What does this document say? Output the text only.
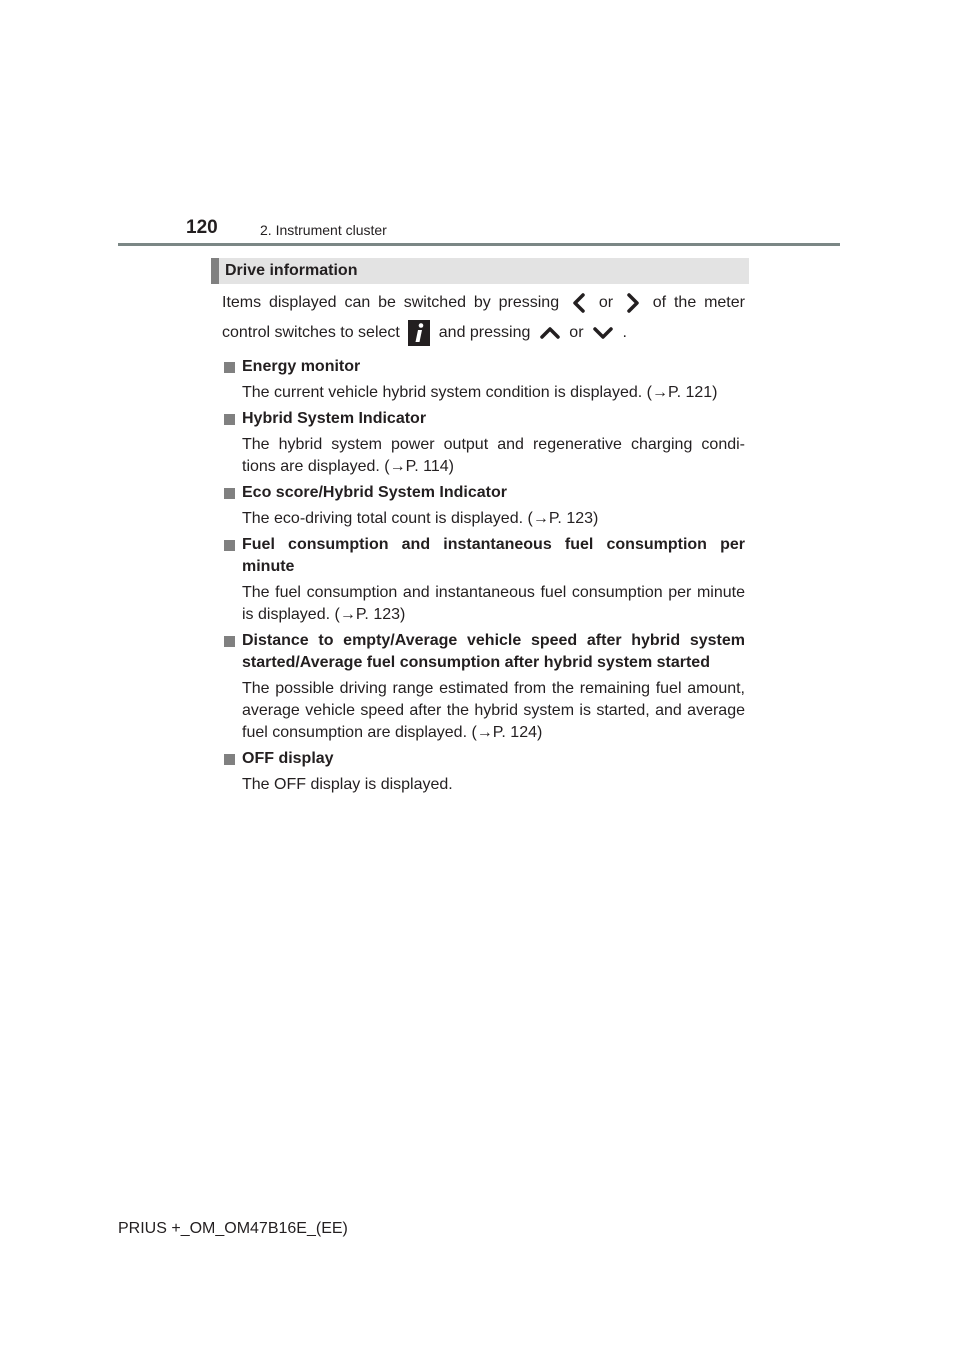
120	2. Instrument cluster
Drive information

Items displayed can be switched by pressing or of the meter

control switches to select and pressing or .

Energy monitor
The current vehicle hybrid system condition is displayed. (→P. 121)
Hybrid System Indicator
The hybrid system power output and regenerative charging condi- tions are displayed. (→P. 114)
Eco score/Hybrid System Indicator
The eco-driving total count is displayed. (→P. 123)
Fuel consumption and instantaneous fuel consumption per minute
The fuel consumption and instantaneous fuel consumption per minute is displayed. (→P. 123)
Distance to empty/Average vehicle speed after hybrid system started/Average fuel consumption after hybrid system started
The possible driving range estimated from the remaining fuel amount, average vehicle speed after the hybrid system is started, and average fuel consumption are displayed. (→P. 124)
OFF display
The OFF display is displayed.
PRIUS +_OM_OM47B16E_(EE)
